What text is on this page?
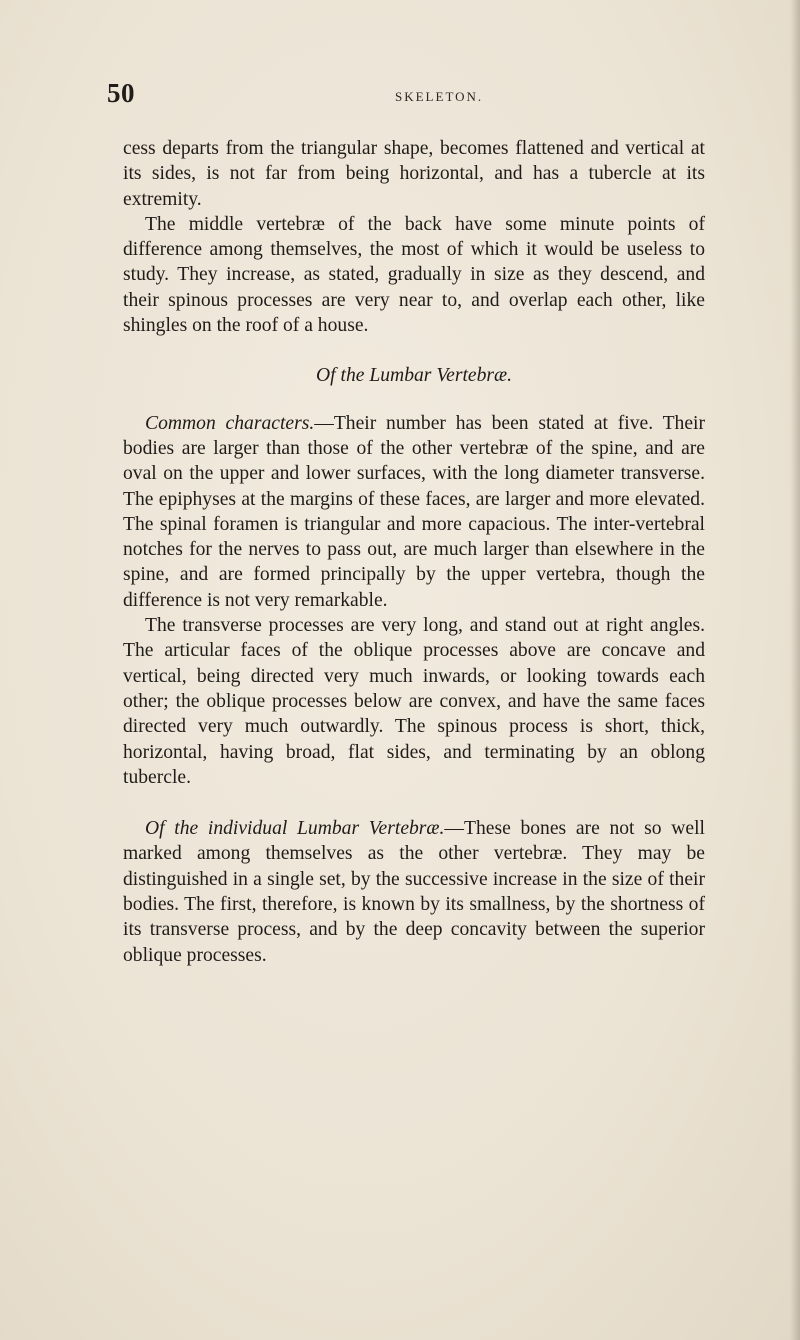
50	SKELETON.

cess departs from the triangular shape, becomes flattened and vertical at its sides, is not far from being horizontal, and has a tubercle at its extremity.

The middle vertebræ of the back have some minute points of difference among themselves, the most of which it would be useless to study. They increase, as stated, gradually in size as they descend, and their spinous processes are very near to, and overlap each other, like shingles on the roof of a house.

Of the Lumbar Vertebræ.

Common characters.—Their number has been stated at five. Their bodies are larger than those of the other vertebræ of the spine, and are oval on the upper and lower surfaces, with the long diameter transverse. The epiphyses at the margins of these faces, are larger and more elevated. The spinal foramen is triangular and more capacious. The inter-vertebral notches for the nerves to pass out, are much larger than elsewhere in the spine, and are formed principally by the upper vertebra, though the difference is not very remarkable.

The transverse processes are very long, and stand out at right angles. The articular faces of the oblique processes above are concave and vertical, being directed very much inwards, or looking towards each other; the oblique processes below are convex, and have the same faces directed very much outwardly. The spinous process is short, thick, horizontal, having broad, flat sides, and terminating by an oblong tubercle.

Of the individual Lumbar Vertebræ.—These bones are not so well marked among themselves as the other vertebræ. They may be distinguished in a single set, by the successive increase in the size of their bodies. The first, therefore, is known by its smallness, by the shortness of its transverse process, and by the deep concavity between the superior oblique processes.
